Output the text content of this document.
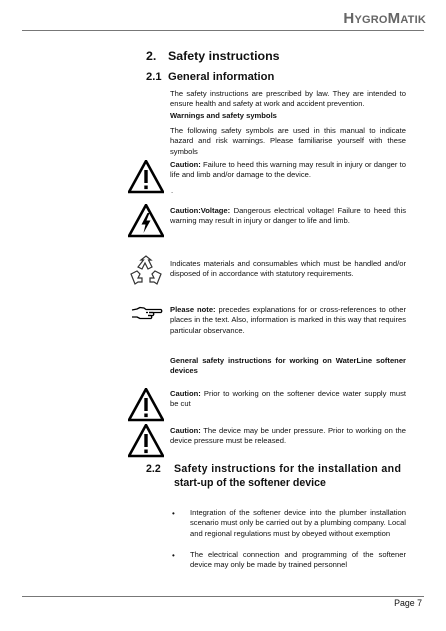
HYGROMATIK
2. Safety instructions
2.1 General information
The safety instructions are prescribed by law. They are intended to ensure health and safety at work and accident prevention.
Warnings and safety symbols
The following safety symbols are used in this manual to indicate hazard and risk warnings. Please familiarise yourself with these symbols
Caution: Failure to heed this warning may result in injury or danger to life and limb and/or damage to the device.
.
Caution:Voltage: Dangerous electrical voltage! Failure to heed this warning may result in injury or danger to life and limb.
Indicates materials and consumables which must be handled and/or disposed of in accordance with statutory requirements.
Please note: precedes explanations for or cross-references to other places in the text. Also, information is marked in this way that requires particular observance.
General safety instructions for working on WaterLine softener devices
Caution: Prior to working on the softener device water supply must be cut
Caution: The device may be under pressure. Prior to working on the device pressure must be released.
2.2 Safety instructions for the installation and
start-up of the softener device
• Integration of the softener device into the plumber installation scenario must only be carried out by a plumbing company. Local and regional regulations must by obeyed without exemption
• The electrical connection and programming of the softener device may only be made by trained personnel
Page 7
